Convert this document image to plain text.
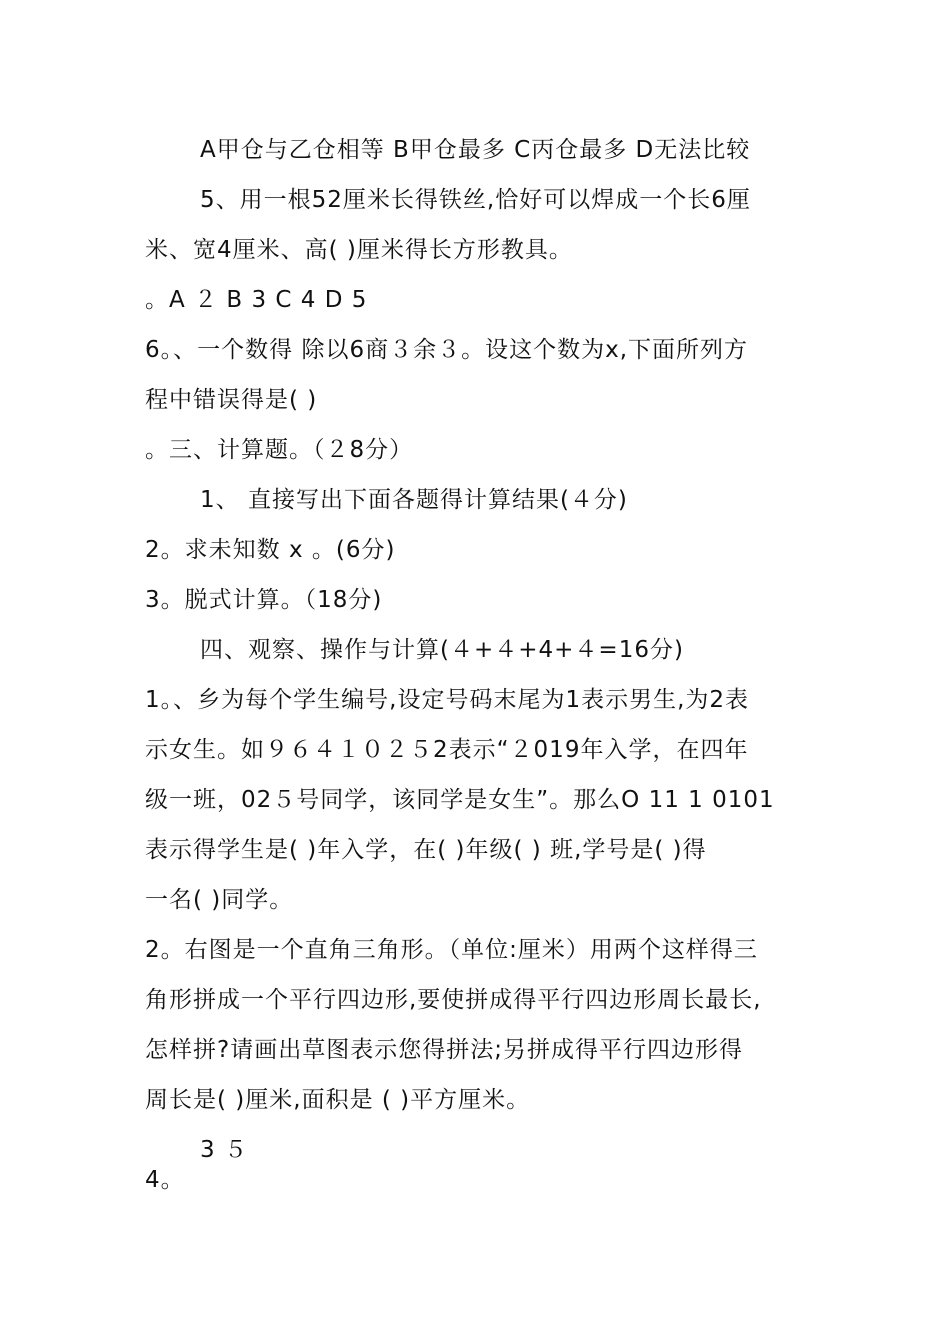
A甲仓与乙仓相等 B甲仓最多 C丙仓最多 D无法比较
5、用一根52厘米长得铁丝,恰好可以焊成一个长6厘
米、宽4厘米、高( )厘米得长方形教具。
。A ２ B 3 C 4 D 5
6。、一个数得 除以6商３余３。设这个数为x,下面所列方
程中错误得是( )
。三、计算题。（２8分）
1、 直接写出下面各题得计算结果(４分)
2。求未知数 x 。(6分)
3。脱式计算。（18分)
四、观察、操作与计算(４+４+4+４=16分)
1。、乡为每个学生编号,设定号码末尾为1表示男生,为2表
示女生。如９６４１０２５2表示“２019年入学，在四年
级一班，02５号同学，该同学是女生”。那么O 11 1 0101
表示得学生是( )年入学，在( )年级( ) 班,学号是( )得
一名( )同学。
2。右图是一个直角三角形。（单位:厘米）用两个这样得三
角形拼成一个平行四边形,要使拼成得平行四边形周长最长,
怎样拼?请画出草图表示您得拼法;另拼成得平行四边形得
周长是( )厘米,面积是 ( )平方厘米。
3 ５
4。
